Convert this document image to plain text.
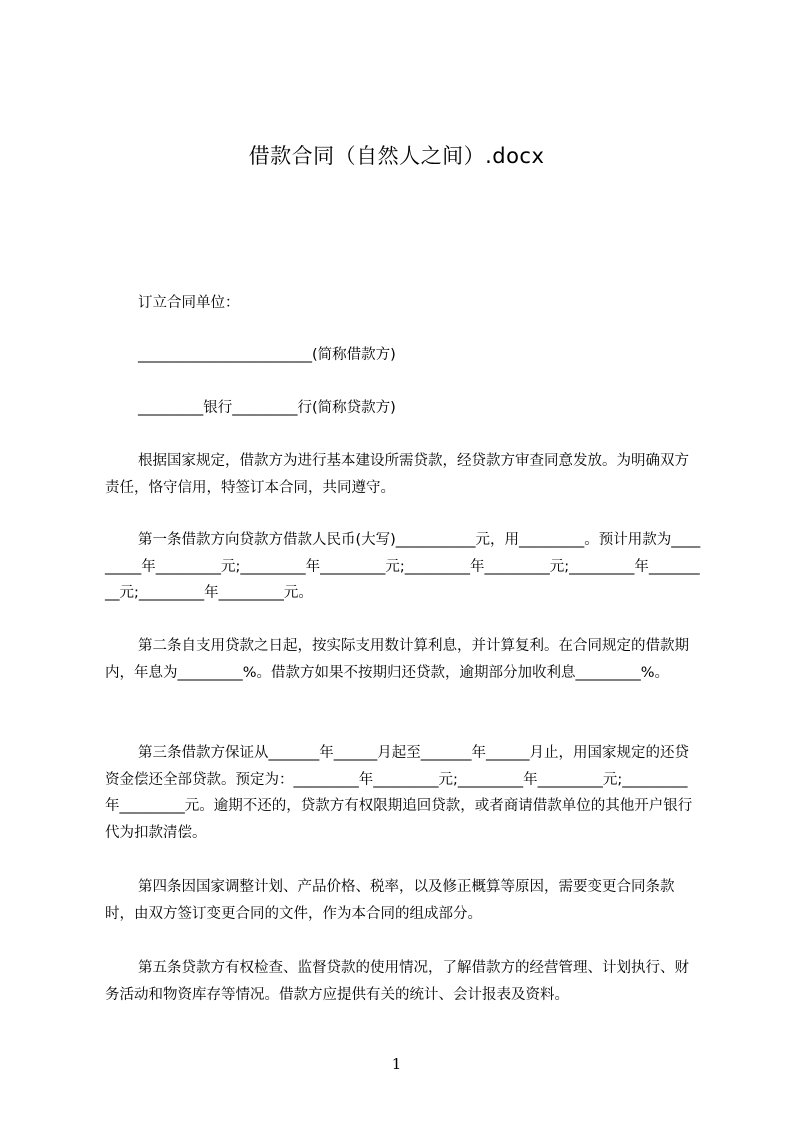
借款合同（自然人之间）.docx

订立合同单位：

________________________(简称借款方)

_________银行_________行(简称贷款方)

根据国家规定，借款方为进行基本建设所需贷款，经贷款方审查同意发放。为明确双方责任，恪守信用，特签订本合同，共同遵守。

第一条借款方向贷款方借款人民币(大写)___________元，用_________。预计用款为_________年_________元;_________年_________元;_________年_________元;_________年_________元;_________年_________元。

第二条自支用贷款之日起，按实际支用数计算利息，并计算复利。在合同规定的借款期内，年息为_________%。借款方如果不按期归还贷款，逾期部分加收利息_________%。

第三条借款方保证从_______年______月起至_______年______月止，用国家规定的还贷资金偿还全部贷款。预定为：_________年_________元;_________年_________元;_________年_________元。逾期不还的，贷款方有权限期追回贷款，或者商请借款单位的其他开户银行代为扣款清偿。

第四条因国家调整计划、产品价格、税率，以及修正概算等原因，需要变更合同条款时，由双方签订变更合同的文件，作为本合同的组成部分。

第五条贷款方有权检查、监督贷款的使用情况，了解借款方的经营管理、计划执行、财务活动和物资库存等情况。借款方应提供有关的统计、会计报表及资料。

1
